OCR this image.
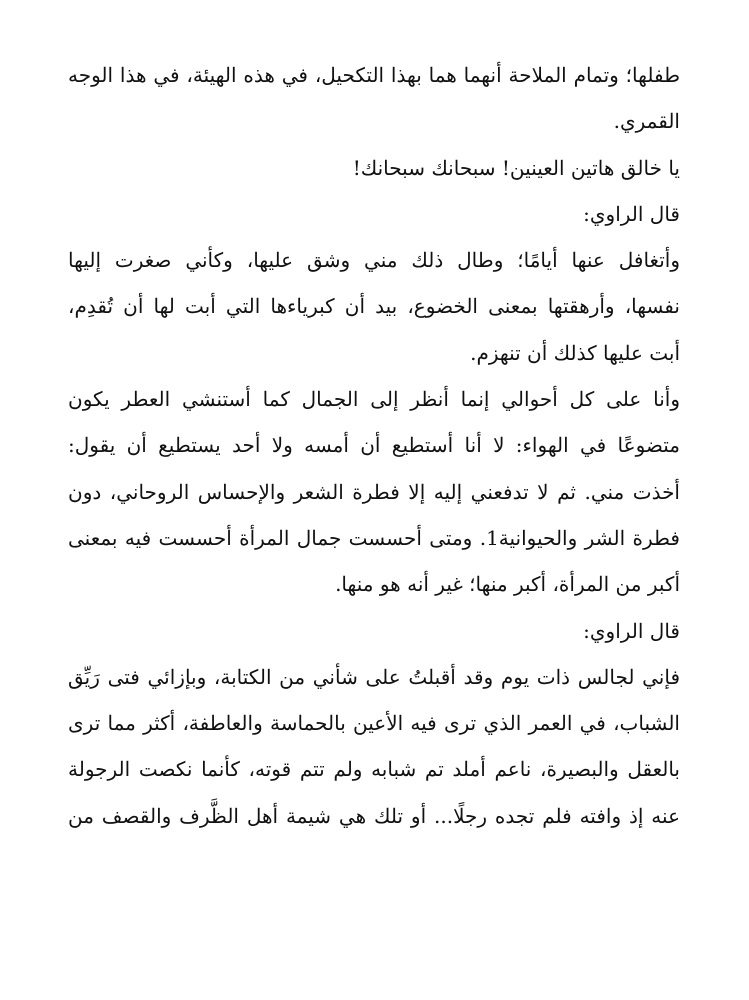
طفلها؛ وتمام الملاحة أنهما هما بهذا التكحيل، في هذه الهيئة، في هذا الوجه
القمري.
يا خالق هاتين العينين! سبحانك سبحانك!
قال الراوي:
وأتغافل عنها أيامًا؛ وطال ذلك مني وشق عليها، وكأني صغرت إليها
نفسها، وأرهقتها بمعنى الخضوع، بيد أن كبرياءها التي أبت لها أن تُقدِم،
أبت عليها كذلك أن تنهزم.
وأنا على كل أحوالي إنما أنظر إلى الجمال كما أستنشي العطر يكون
متضوعًا في الهواء: لا أنا أستطيع أن أمسه ولا أحد يستطيع أن يقول:
أخذت مني. ثم لا تدفعني إليه إلا فطرة الشعر والإحساس الروحاني، دون
فطرة الشر والحيوانية1. ومتى أحسست جمال المرأة أحسست فيه بمعنى
أكبر من المرأة، أكبر منها؛ غير أنه هو منها.
قال الراوي:
فإني لجالس ذات يوم وقد أقبلتُ على شأني من الكتابة، وبإزائي فتى رَيِّق
الشباب، في العمر الذي ترى فيه الأعين بالحماسة والعاطفة، أكثر مما ترى
بالعقل والبصيرة، ناعم أملد تم شبابه ولم تتم قوته، كأنما نكصت الرجولة
عنه إذ وافته فلم تجده رجلًا... أو تلك هي شيمة أهل الظَّرف والقصف من
